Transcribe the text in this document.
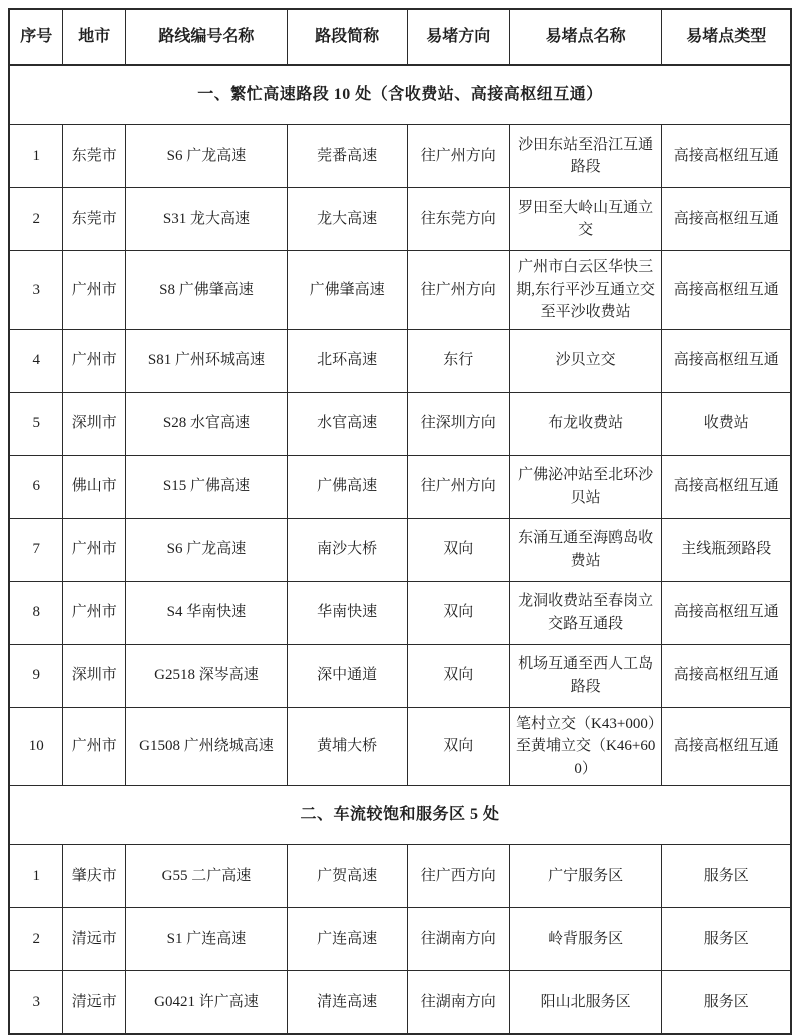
序号	地市	路线编号名称	路段简称	易堵方向	易堵点名称	易堵点类型
一、繁忙高速路段 10 处（含收费站、高接高枢纽互通）						
1	东莞市	S6 广龙高速	莞番高速	往广州方向	沙田东站至沿江互通路段	高接高枢纽互通
2	东莞市	S31 龙大高速	龙大高速	往东莞方向	罗田至大岭山互通立交	高接高枢纽互通
3	广州市	S8 广佛肇高速	广佛肇高速	往广州方向	广州市白云区华快三期,东行平沙互通立交至平沙收费站	高接高枢纽互通
4	广州市	S81 广州环城高速	北环高速	东行	沙贝立交	高接高枢纽互通
5	深圳市	S28 水官高速	水官高速	往深圳方向	布龙收费站	收费站
6	佛山市	S15 广佛高速	广佛高速	往广州方向	广佛泌冲站至北环沙贝站	高接高枢纽互通
7	广州市	S6 广龙高速	南沙大桥	双向	东涌互通至海鸥岛收费站	主线瓶颈路段
8	广州市	S4 华南快速	华南快速	双向	龙洞收费站至春岗立交路互通段	高接高枢纽互通
9	深圳市	G2518 深岑高速	深中通道	双向	机场互通至西人工岛路段	高接高枢纽互通
10	广州市	G1508 广州绕城高速	黄埔大桥	双向	笔村立交（K43+000）至黄埔立交（K46+600）	高接高枢纽互通
二、车流较饱和服务区 5 处						
1	肇庆市	G55 二广高速	广贺高速	往广西方向	广宁服务区	服务区
2	清远市	S1 广连高速	广连高速	往湖南方向	岭背服务区	服务区
3	清远市	G0421 许广高速	清连高速	往湖南方向	阳山北服务区	服务区
